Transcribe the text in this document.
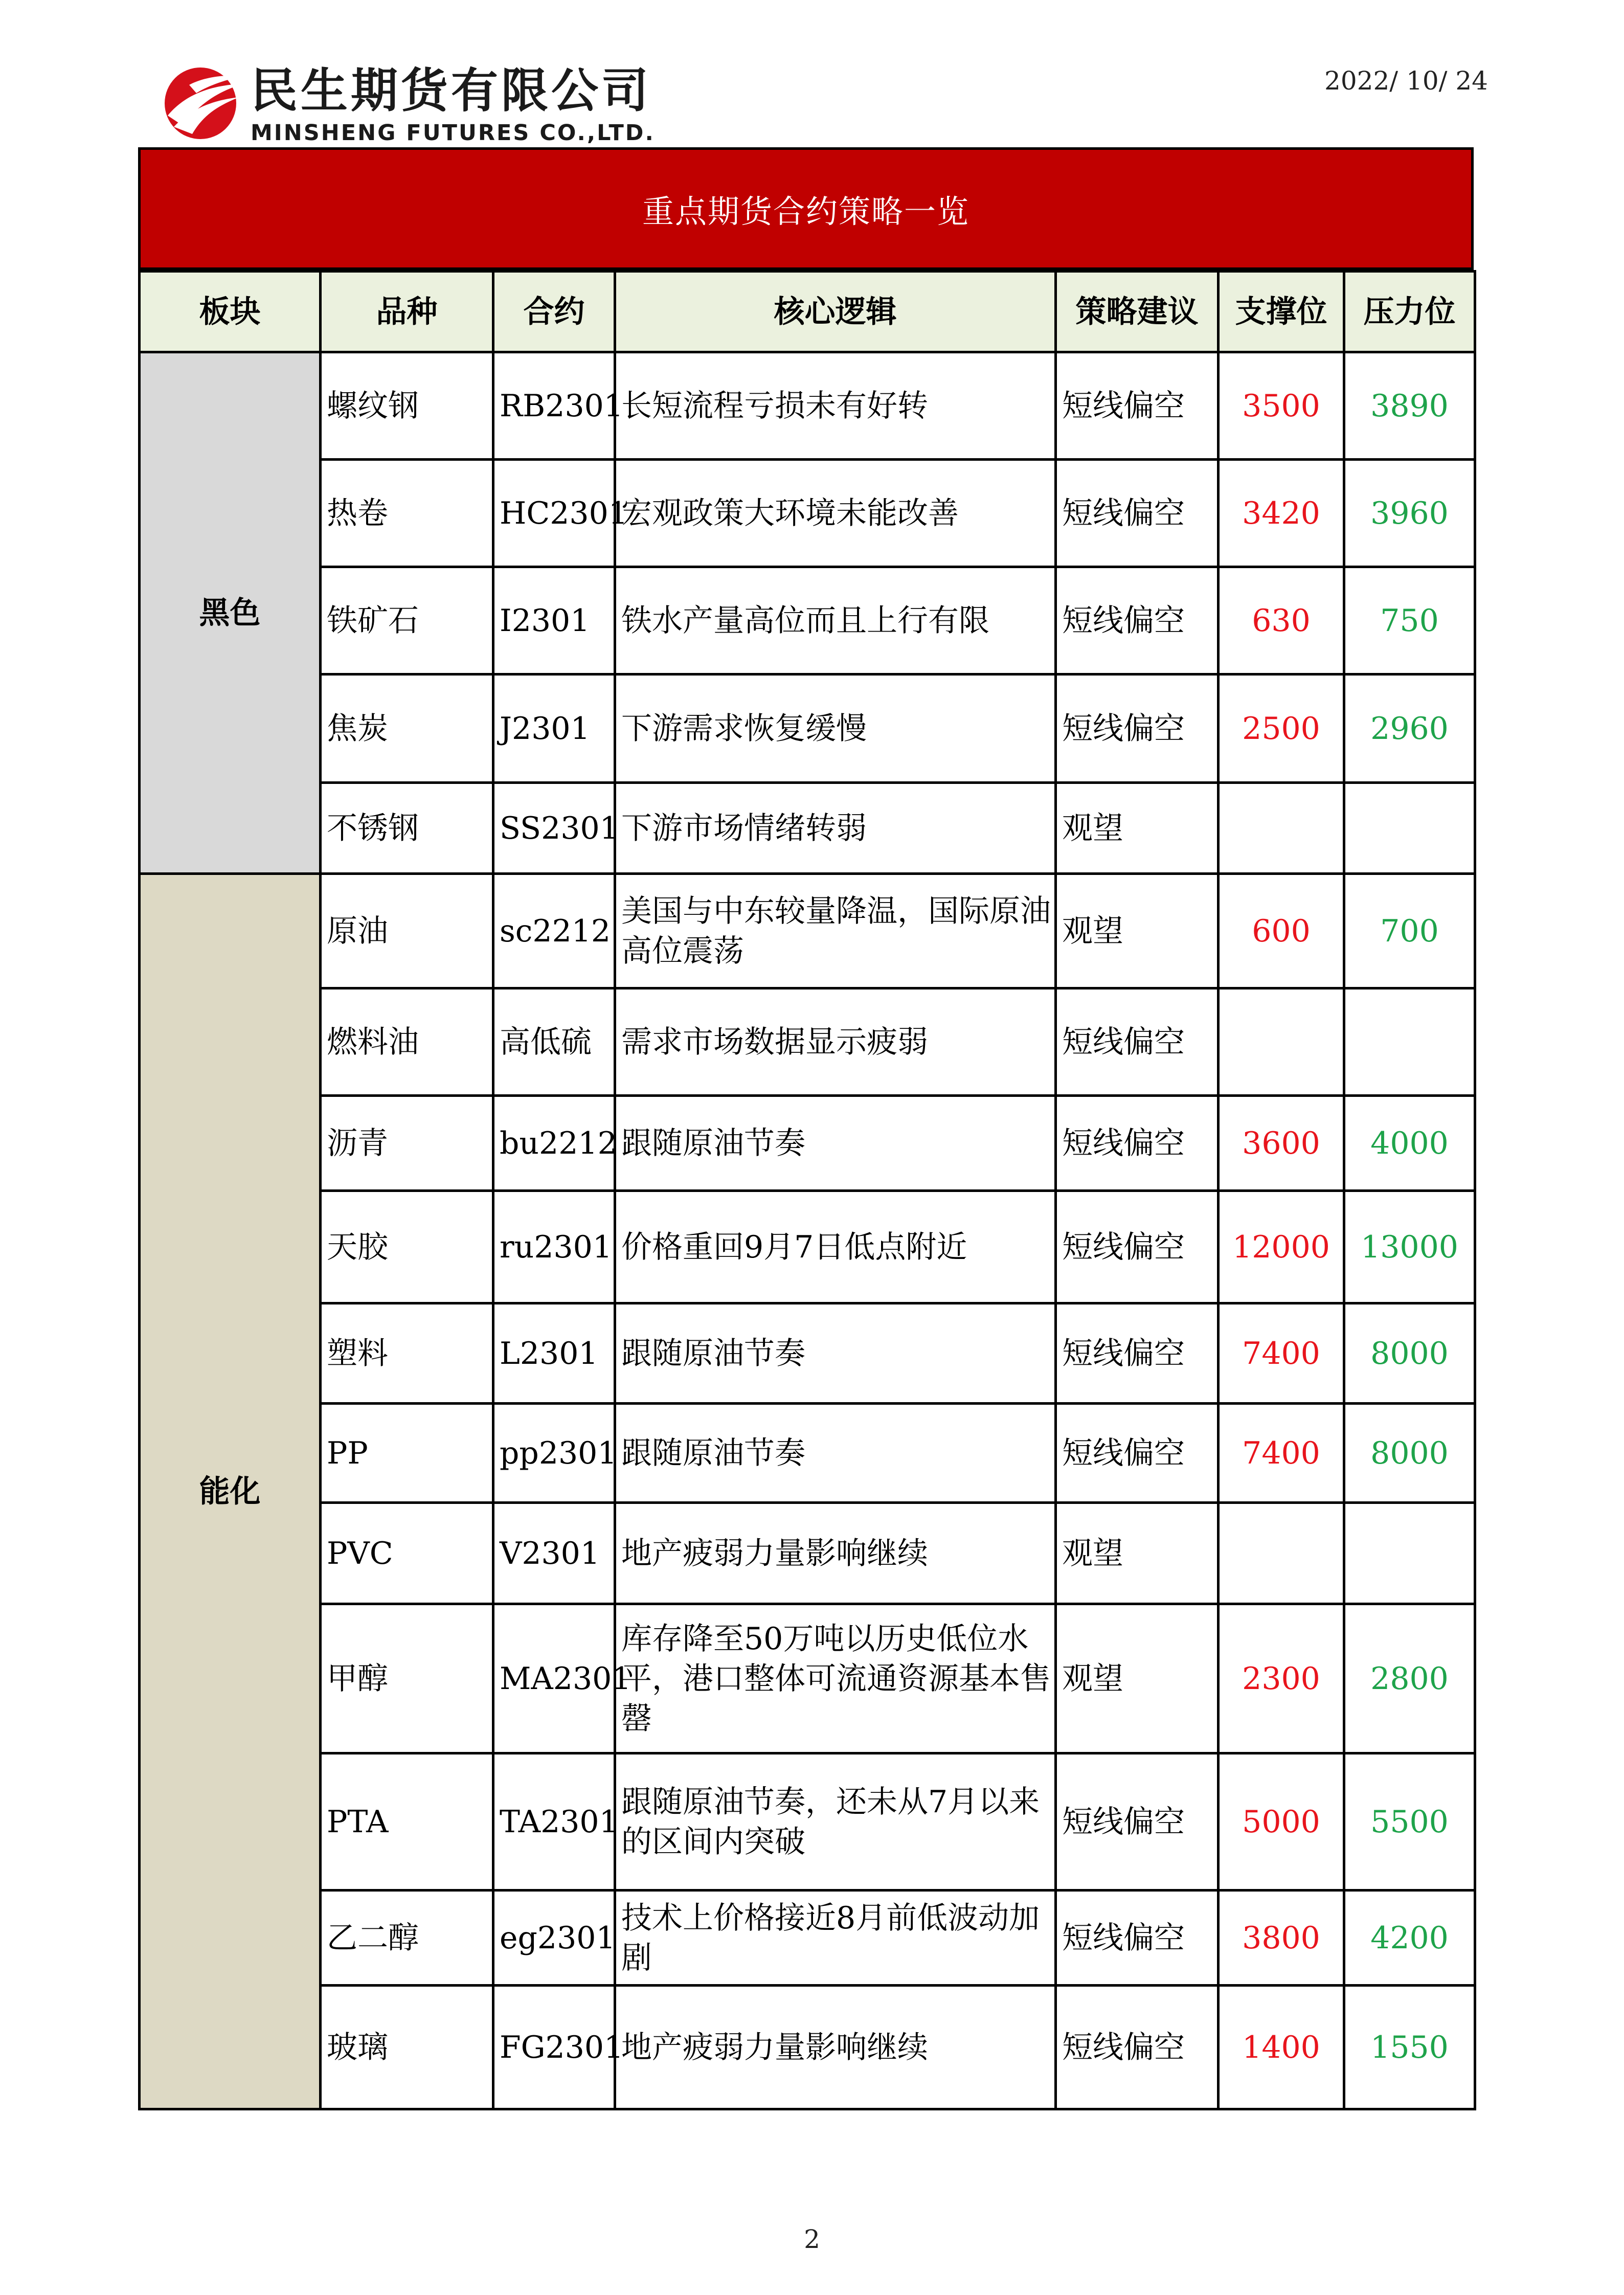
民生期货有限公司
MINSHENG FUTURES CO.,LTD.
2022/ 10/ 24
重点期货合约策略一览
板块	品种	合约	核心逻辑	策略建议	支撑位	压力位
黑色	螺纹钢	RB2301	长短流程亏损未有好转	短线偏空	3500	3890
	热卷	HC2301	宏观政策大环境未能改善	短线偏空	3420	3960
	铁矿石	I2301	铁水产量高位而且上行有限	短线偏空	630	750
	焦炭	J2301	下游需求恢复缓慢	短线偏空	2500	2960
	不锈钢	SS2301	下游市场情绪转弱	观望		
能化	原油	sc2212	美国与中东较量降温，国际原油高位震荡	观望	600	700
	燃料油	高低硫	需求市场数据显示疲弱	短线偏空		
	沥青	bu2212	跟随原油节奏	短线偏空	3600	4000
	天胶	ru2301	价格重回9月7日低点附近	短线偏空	12000	13000
	塑料	L2301	跟随原油节奏	短线偏空	7400	8000
	PP	pp2301	跟随原油节奏	短线偏空	7400	8000
	PVC	V2301	地产疲弱力量影响继续	观望		
	甲醇	MA2301	库存降至50万吨以历史低位水平，港口整体可流通资源基本售罄	观望	2300	2800
	PTA	TA2301	跟随原油节奏，还未从7月以来的区间内突破	短线偏空	5000	5500
	乙二醇	eg2301	技术上价格接近8月前低波动加剧	短线偏空	3800	4200
	玻璃	FG2301	地产疲弱力量影响继续	短线偏空	1400	1550
2
